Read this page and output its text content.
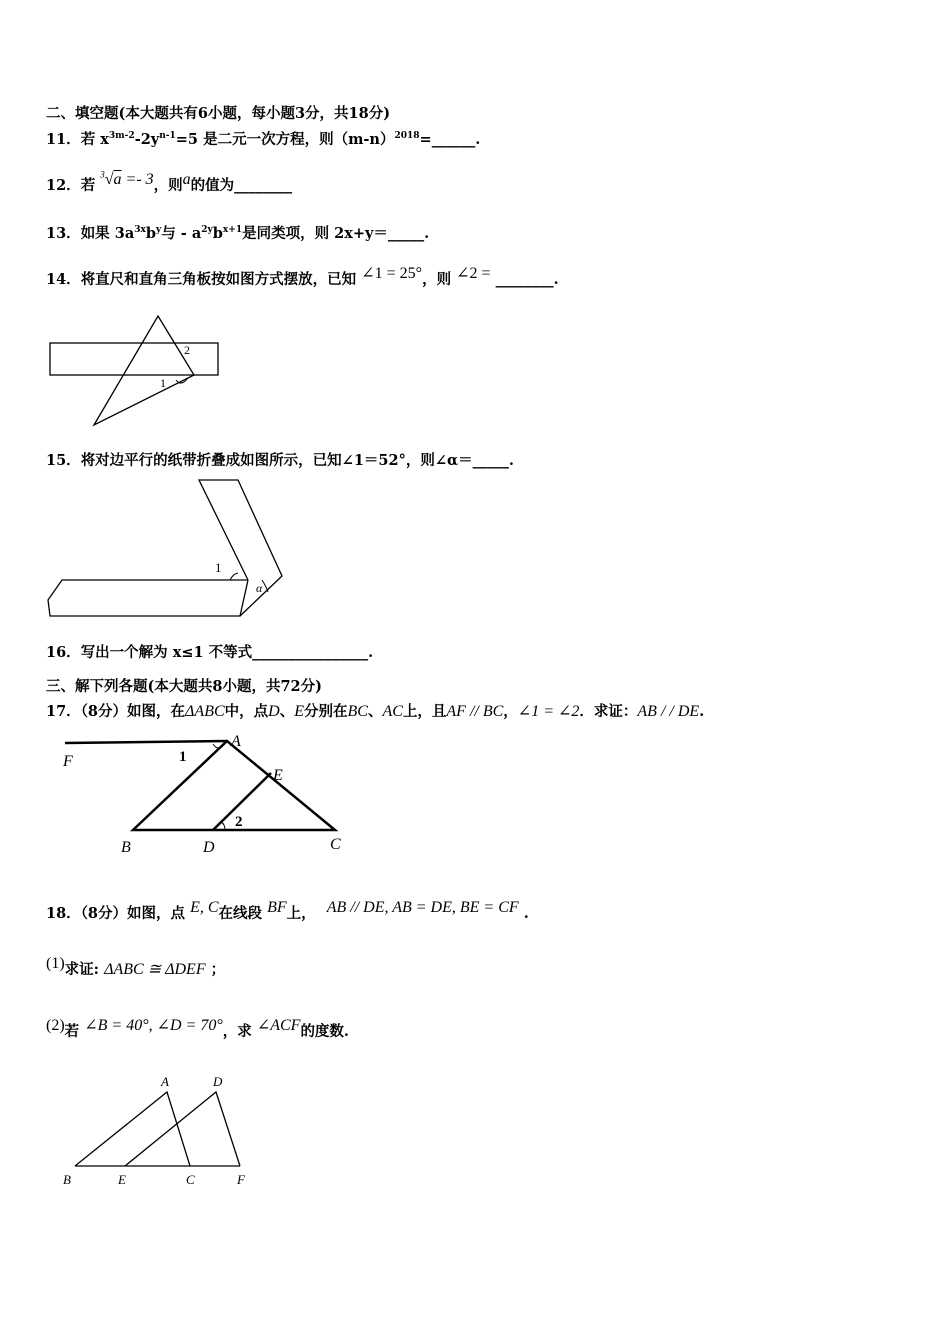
二、填空题(本大题共有6小题，每小题3分，共18分)
11．若 $x^{3m-2}-2y^{n-1}=5$ 是二元一次方程，则$(m-n)^{2018}=\_\_\_\_\_\_$.
12．若 $^3$√a =- 3，则a的值为________
13．如果 $3a^{3x}b^y$与 - $a^{2y}b^{x+1}$是同类项，则 2x+y＝_____.
14．将直尺和直角三角板按如图方式摆放，已知 ∠1 = 25°，则 ∠2 = ________.
1
2
15．将对边平行的纸带折叠成如图所示，已知∠1＝52°，则∠α＝_____.
1
α
16．写出一个解为 x≤1 不等式________________.
三、解下列各题(本大题共8小题，共72分)
17．（8分）如图，在ΔABC中，点D、E分别在BC、AC上，且AF // BC，∠1 = ∠2．求证：AB / / DE.
F
A
E
B	D	C
1
2
18．（8分）如图，点 E, C在线段 BF上， AB // DE, AB = DE, BE = CF .
(1)求证: ΔABC ≅ ΔDEF ；
(2)若 ∠B = 40°, ∠D = 70°，求 ∠ACF的度数.
A	D
B	E	C	F
